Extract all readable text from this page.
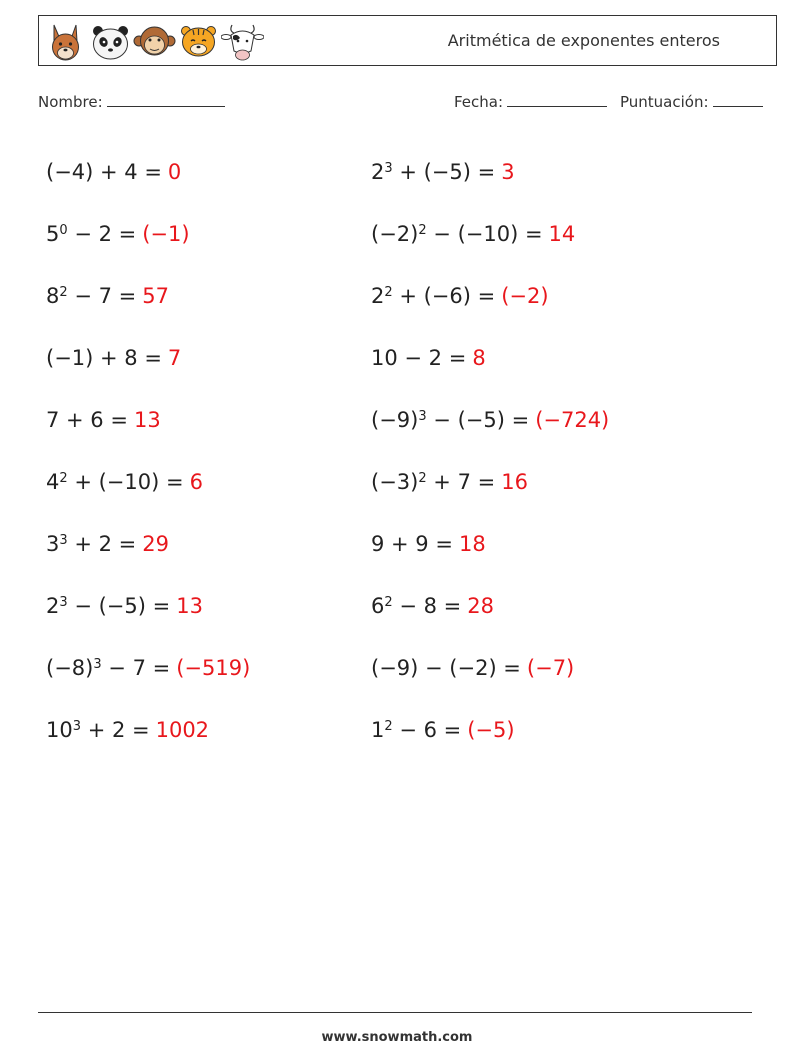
Aritmética de exponentes enteros
Nombre:	Fecha:	Puntuación:
(−4) + 4 = 0
$5^0 - 2 = (-1)$
$8^2 - 7 = 57$
(−1) + 8 = 7
7 + 6 = 13
$4^2 + (-10) = 6$
$3^3 + 2 = 29$
$2^3 - (-5) = 13$
$(-8)^3 - 7 = (-519)$
$10^3 + 2 = 1002$
$2^3 + (-5) = 3$
$(-2)^2 - (-10) = 14$
$2^2 + (-6) = (-2)$
10 − 2 = 8
$(-9)^3 - (-5) = (-724)$
$(-3)^2 + 7 = 16$
9 + 9 = 18
$6^2 - 8 = 28$
(−9) − (−2) = (−7)
$1^2 - 6 = (-5)$
www.snowmath.com
